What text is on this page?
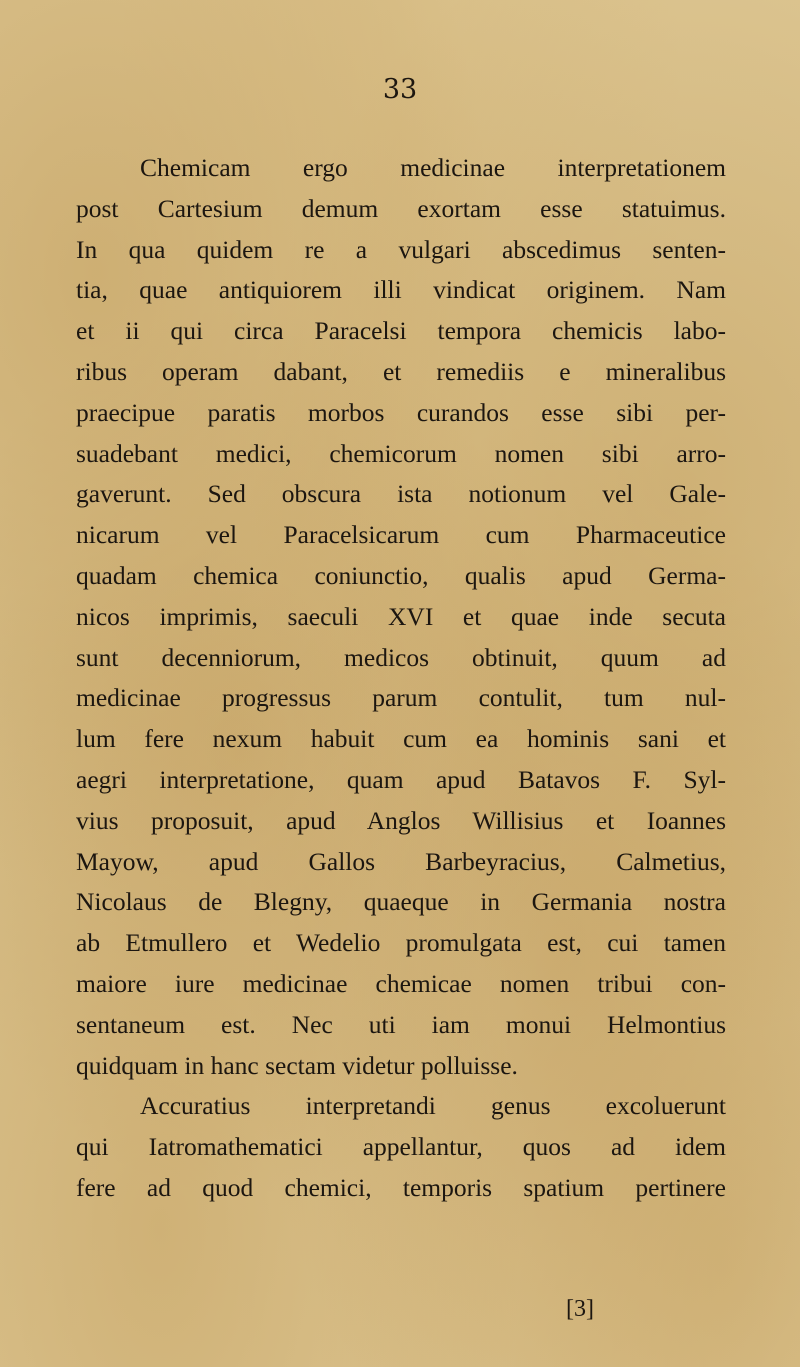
33
Chemicam ergo medicinae interpretationem
post Cartesium demum exortam esse statuimus.
In qua quidem re a vulgari abscedimus senten-
tia, quae antiquiorem illi vindicat originem. Nam
et ii qui circa Paracelsi tempora chemicis labo-
ribus operam dabant, et remediis e mineralibus
praecipue paratis morbos curandos esse sibi per-
suadebant medici, chemicorum nomen sibi arro-
gaverunt. Sed obscura ista notionum vel Gale-
nicarum vel Paracelsicarum cum Pharmaceutice
quadam chemica coniunctio, qualis apud Germa-
nicos imprimis, saeculi XVI et quae inde secuta
sunt decenniorum, medicos obtinuit, quum ad
medicinae progressus parum contulit, tum nul-
lum fere nexum habuit cum ea hominis sani et
aegri interpretatione, quam apud Batavos F. Syl-
vius proposuit, apud Anglos Willisius et Ioannes
Mayow, apud Gallos Barbeyracius, Calmetius,
Nicolaus de Blegny, quaeque in Germania nostra
ab Etmullero et Wedelio promulgata est, cui tamen
maiore iure medicinae chemicae nomen tribui con-
sentaneum est. Nec uti iam monui Helmontius
quidquam in hanc sectam videtur polluisse.
Accuratius interpretandi genus excoluerunt
qui Iatromathematici appellantur, quos ad idem
fere ad quod chemici, temporis spatium pertinere
[3]
